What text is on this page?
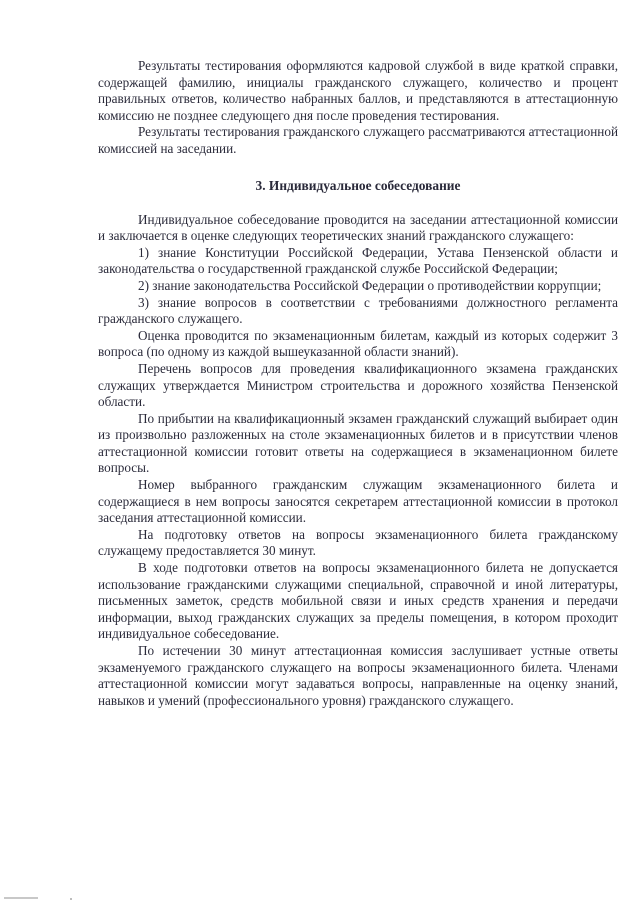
Результаты тестирования оформляются кадровой службой в виде краткой справки, содержащей фамилию, инициалы гражданского служащего, количество и процент правильных ответов, количество набранных баллов, и представляются в аттестационную комиссию не позднее следующего дня после проведения тестирования.

Результаты тестирования гражданского служащего рассматриваются аттестационной комиссией на заседании.

3. Индивидуальное собеседование

Индивидуальное собеседование проводится на заседании аттестационной комиссии и заключается в оценке следующих теоретических знаний гражданского служащего:

1) знание Конституции Российской Федерации, Устава Пензенской области и законодательства о государственной гражданской службе Российской Федерации;

2) знание законодательства Российской Федерации о противодействии коррупции;

3) знание вопросов в соответствии с требованиями должностного регламента гражданского служащего.

Оценка проводится по экзаменационным билетам, каждый из которых содержит 3 вопроса (по одному из каждой вышеуказанной области знаний).

Перечень вопросов для проведения квалификационного экзамена гражданских служащих утверждается Министром строительства и дорожного хозяйства Пензенской области.

По прибытии на квалификационный экзамен гражданский служащий выбирает один из произвольно разложенных на столе экзаменационных билетов и в присутствии членов аттестационной комиссии готовит ответы на содержащиеся в экзаменационном билете вопросы.

Номер выбранного гражданским служащим экзаменационного билета и содержащиеся в нем вопросы заносятся секретарем аттестационной комиссии в протокол заседания аттестационной комиссии.

На подготовку ответов на вопросы экзаменационного билета гражданскому служащему предоставляется 30 минут.

В ходе подготовки ответов на вопросы экзаменационного билета не допускается использование гражданскими служащими специальной, справочной и иной литературы, письменных заметок, средств мобильной связи и иных средств хранения и передачи информации, выход гражданских служащих за пределы помещения, в котором проходит индивидуальное собеседование.

По истечении 30 минут аттестационная комиссия заслушивает устные ответы экзаменуемого гражданского служащего на вопросы экзаменационного билета. Членами аттестационной комиссии могут задаваться вопросы, направленные на оценку знаний, навыков и умений (профессионального уровня) гражданского служащего.
